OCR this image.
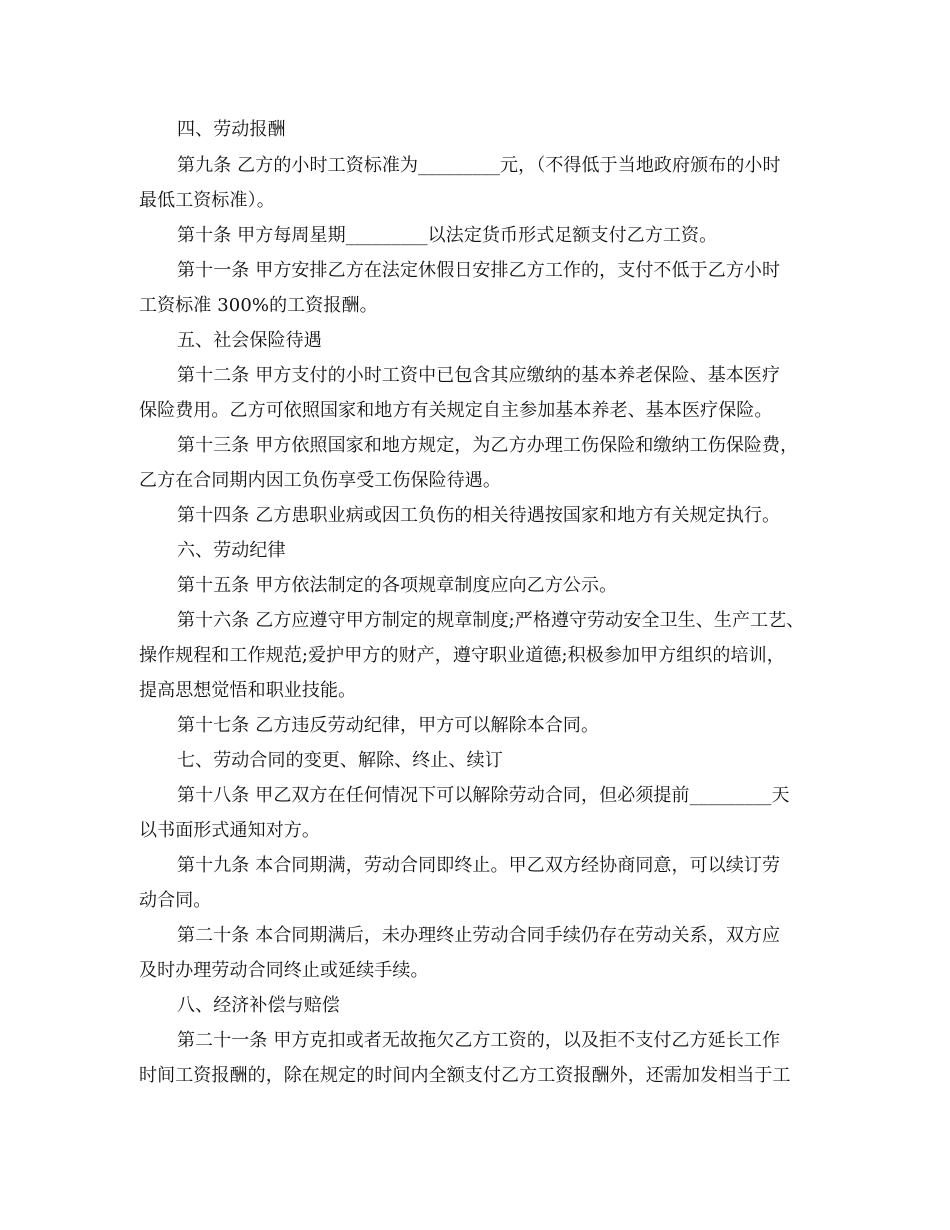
四、劳动报酬
第九条 乙方的小时工资标准为_________元，（不得低于当地政府颁布的小时
最低工资标准）。
第十条 甲方每周星期_________以法定货币形式足额支付乙方工资。
第十一条 甲方安排乙方在法定休假日安排乙方工作的，支付不低于乙方小时
工资标准 300%的工资报酬。
五、社会保险待遇
第十二条 甲方支付的小时工资中已包含其应缴纳的基本养老保险、基本医疗
保险费用。乙方可依照国家和地方有关规定自主参加基本养老、基本医疗保险。
第十三条 甲方依照国家和地方规定，为乙方办理工伤保险和缴纳工伤保险费，
乙方在合同期内因工负伤享受工伤保险待遇。
第十四条 乙方患职业病或因工负伤的相关待遇按国家和地方有关规定执行。
六、劳动纪律
第十五条 甲方依法制定的各项规章制度应向乙方公示。
第十六条 乙方应遵守甲方制定的规章制度;严格遵守劳动安全卫生、生产工艺、
操作规程和工作规范;爱护甲方的财产，遵守职业道德;积极参加甲方组织的培训，
提高思想觉悟和职业技能。
第十七条 乙方违反劳动纪律，甲方可以解除本合同。
七、劳动合同的变更、解除、终止、续订
第十八条 甲乙双方在任何情况下可以解除劳动合同，但必须提前_________天
以书面形式通知对方。
第十九条 本合同期满，劳动合同即终止。甲乙双方经协商同意，可以续订劳
动合同。
第二十条 本合同期满后，未办理终止劳动合同手续仍存在劳动关系，双方应
及时办理劳动合同终止或延续手续。
八、经济补偿与赔偿
第二十一条 甲方克扣或者无故拖欠乙方工资的，以及拒不支付乙方延长工作
时间工资报酬的，除在规定的时间内全额支付乙方工资报酬外，还需加发相当于工
